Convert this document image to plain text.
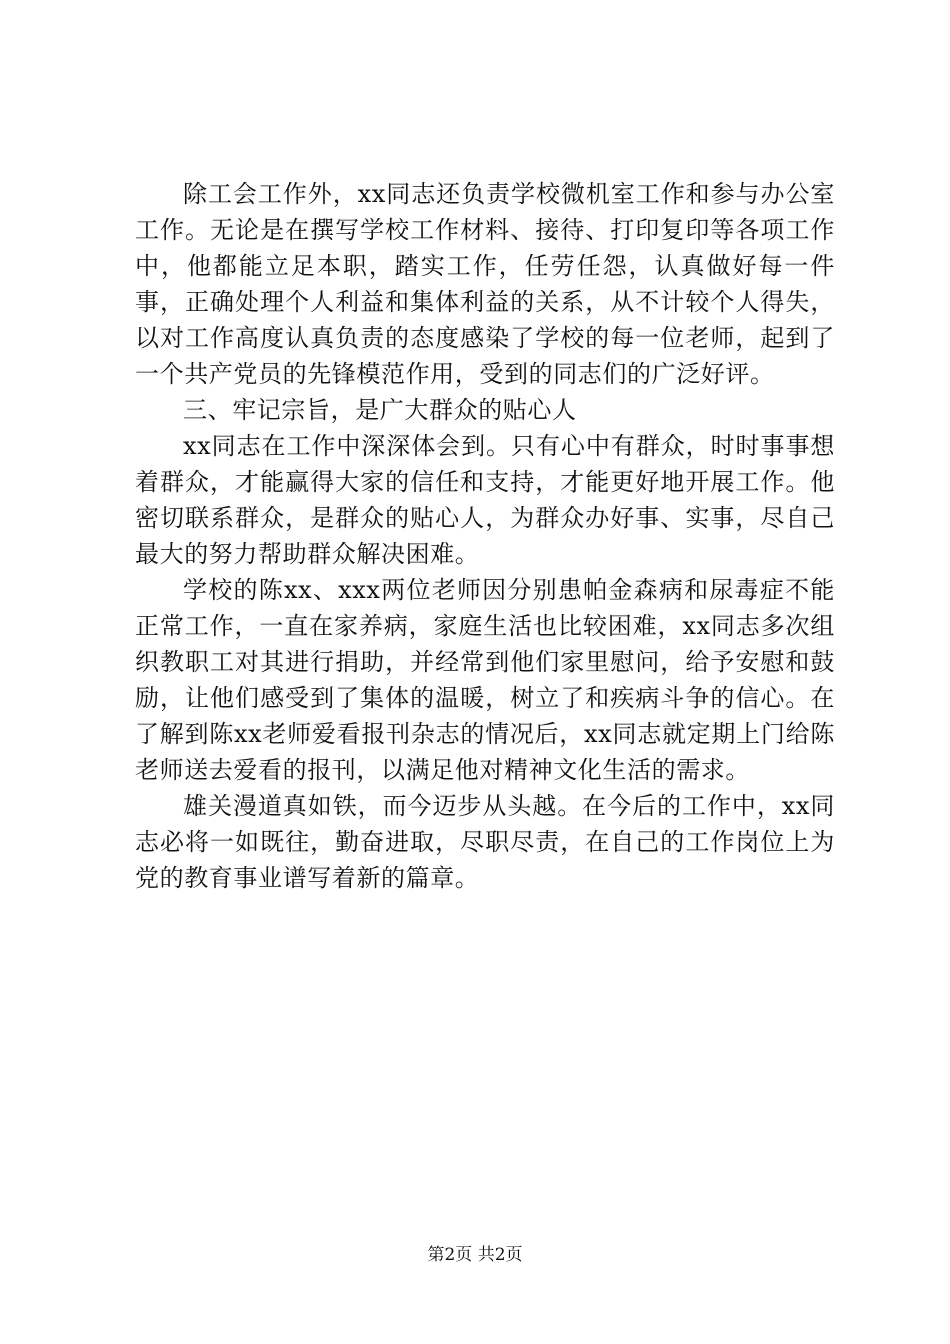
除工会工作外，xx同志还负责学校微机室工作和参与办公室工作。无论是在撰写学校工作材料、接待、打印复印等各项工作中，他都能立足本职，踏实工作，任劳任怨，认真做好每一件事，正确处理个人利益和集体利益的关系，从不计较个人得失，以对工作高度认真负责的态度感染了学校的每一位老师，起到了一个共产党员的先锋模范作用，受到的同志们的广泛好评。

三、牢记宗旨，是广大群众的贴心人

xx同志在工作中深深体会到。只有心中有群众，时时事事想着群众，才能赢得大家的信任和支持，才能更好地开展工作。他密切联系群众，是群众的贴心人，为群众办好事、实事，尽自己最大的努力帮助群众解决困难。

学校的陈xx、xxx两位老师因分别患帕金森病和尿毒症不能正常工作，一直在家养病，家庭生活也比较困难，xx同志多次组织教职工对其进行捐助，并经常到他们家里慰问，给予安慰和鼓励，让他们感受到了集体的温暖，树立了和疾病斗争的信心。在了解到陈xx老师爱看报刊杂志的情况后，xx同志就定期上门给陈老师送去爱看的报刊，以满足他对精神文化生活的需求。

雄关漫道真如铁，而今迈步从头越。在今后的工作中，xx同志必将一如既往，勤奋进取，尽职尽责，在自己的工作岗位上为党的教育事业谱写着新的篇章。

第2页 共2页
